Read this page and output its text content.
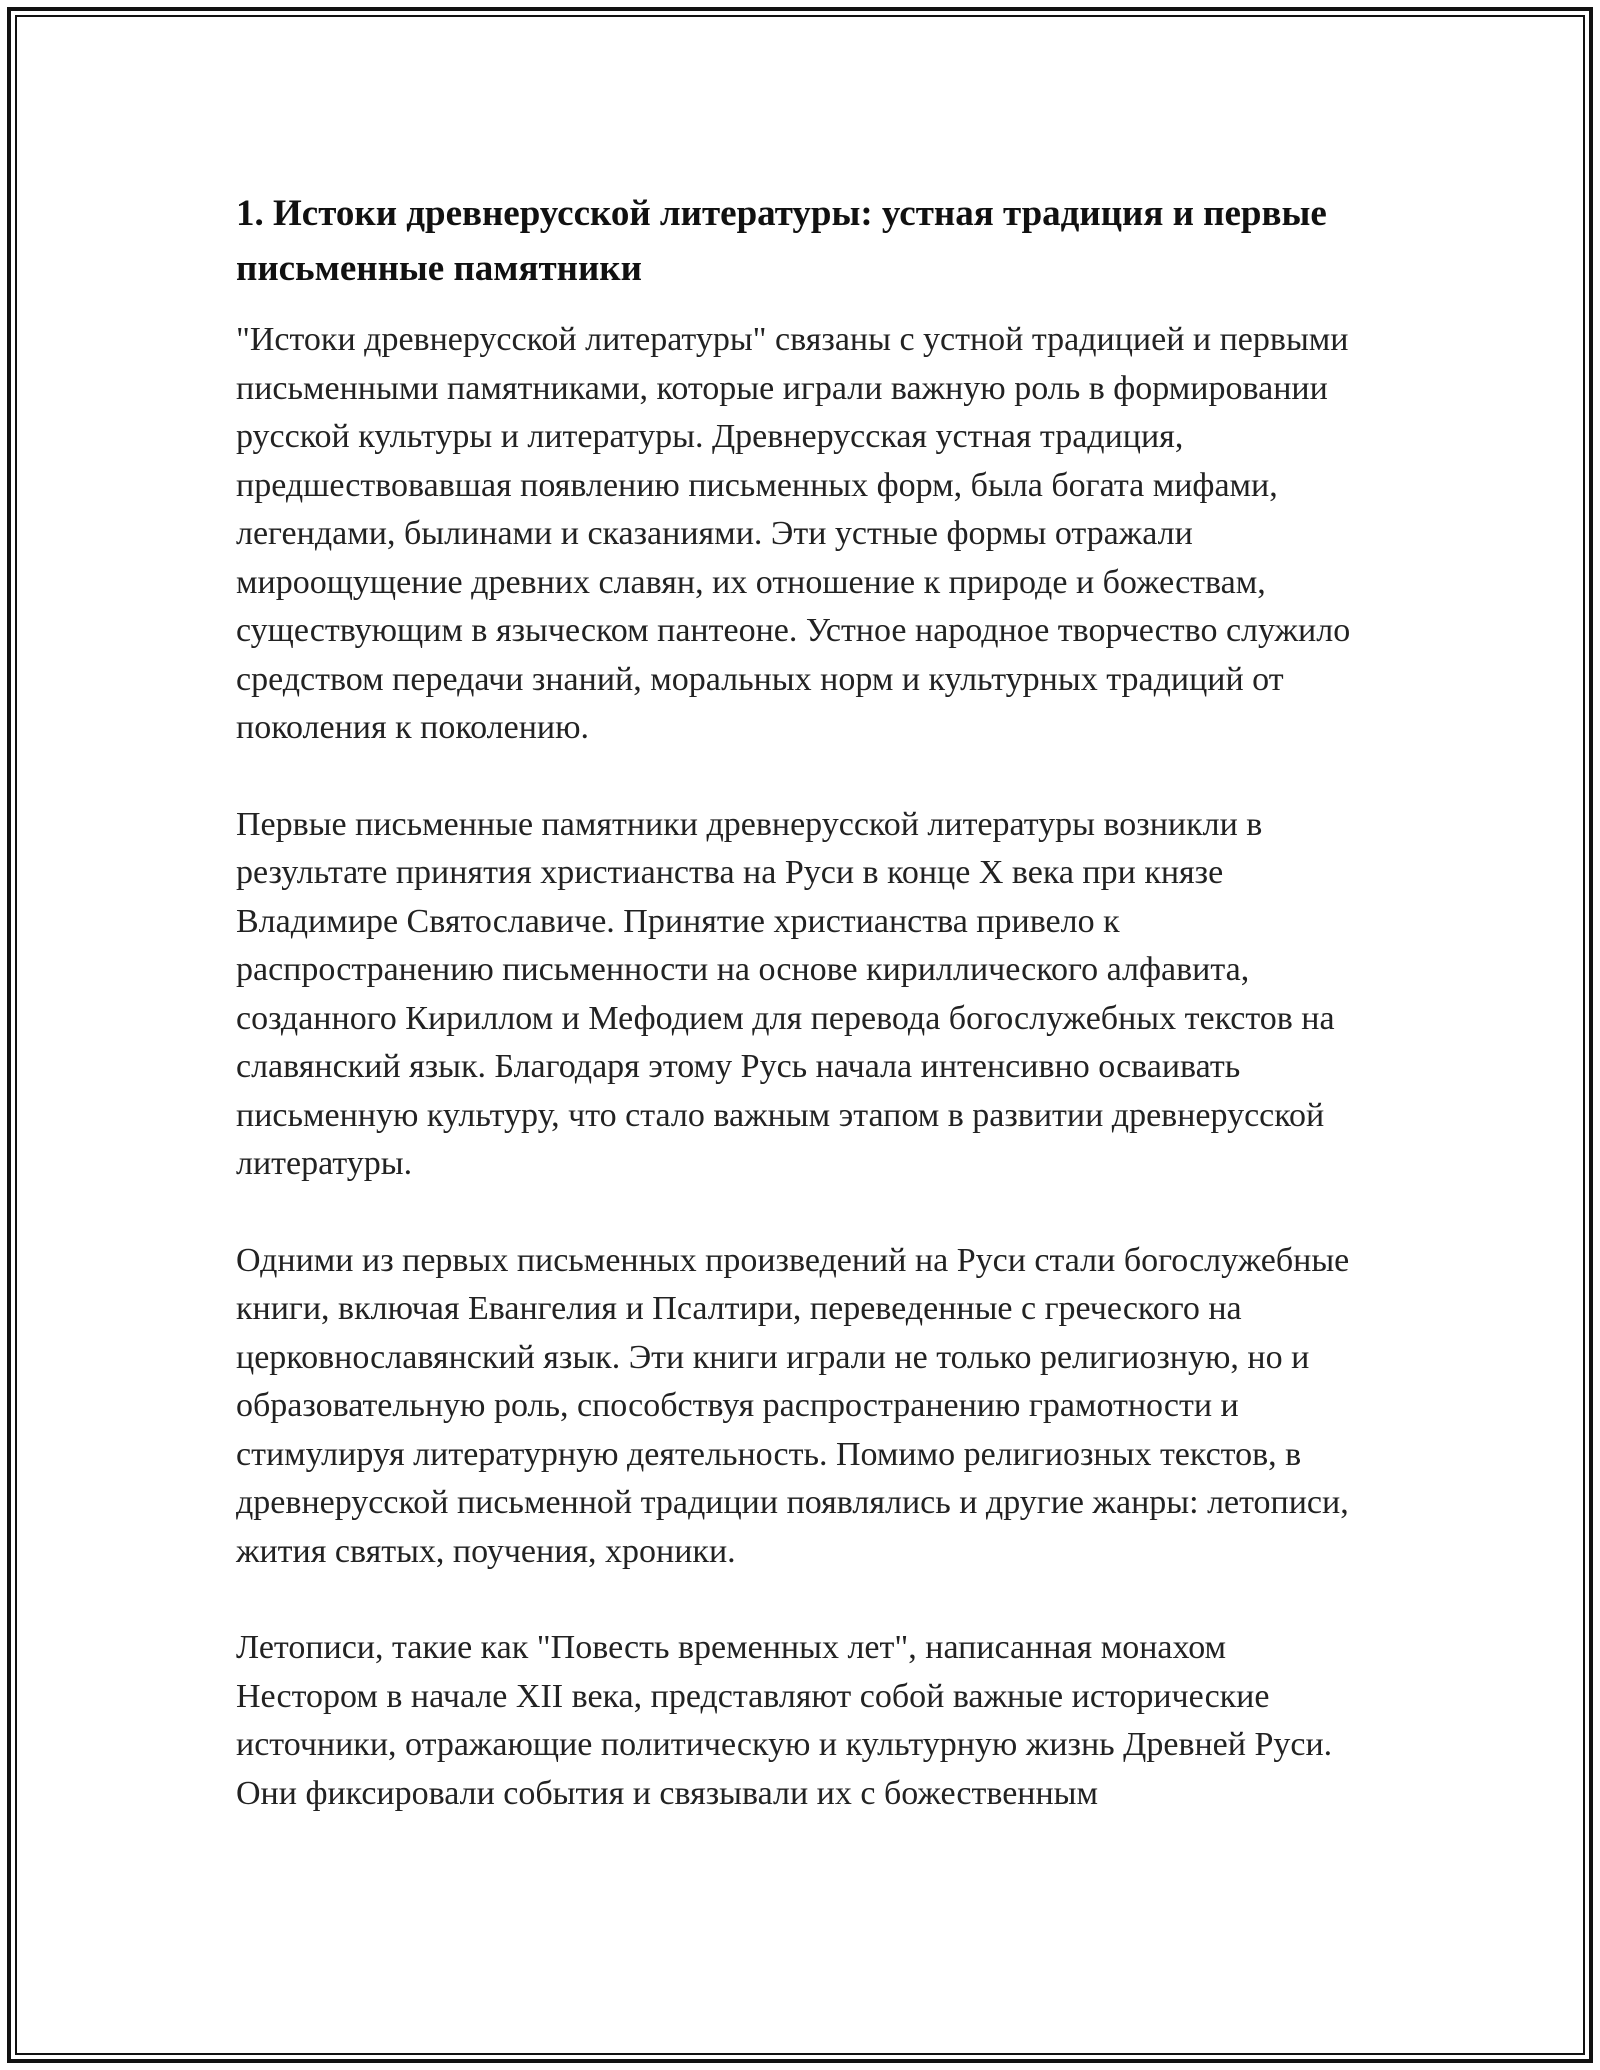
1. Истоки древнерусской литературы: устная традиция и первые письменные памятники

"Истоки древнерусской литературы" связаны с устной традицией и первыми письменными памятниками, которые играли важную роль в формировании русской культуры и литературы. Древнерусская устная традиция, предшествовавшая появлению письменных форм, была богата мифами, легендами, былинами и сказаниями. Эти устные формы отражали мироощущение древних славян, их отношение к природе и божествам, существующим в языческом пантеоне. Устное народное творчество служило средством передачи знаний, моральных норм и культурных традиций от поколения к поколению.

Первые письменные памятники древнерусской литературы возникли в результате принятия христианства на Руси в конце X века при князе Владимире Святославиче. Принятие христианства привело к распространению письменности на основе кириллического алфавита, созданного Кириллом и Мефодием для перевода богослужебных текстов на славянский язык. Благодаря этому Русь начала интенсивно осваивать письменную культуру, что стало важным этапом в развитии древнерусской литературы.

Одними из первых письменных произведений на Руси стали богослужебные книги, включая Евангелия и Псалтири, переведенные с греческого на церковнославянский язык. Эти книги играли не только религиозную, но и образовательную роль, способствуя распространению грамотности и стимулируя литературную деятельность. Помимо религиозных текстов, в древнерусской письменной традиции появлялись и другие жанры: летописи, жития святых, поучения, хроники.

Летописи, такие как "Повесть временных лет", написанная монахом Нестором в начале XII века, представляют собой важные исторические источники, отражающие политическую и культурную жизнь Древней Руси. Они фиксировали события и связывали их с божественным
